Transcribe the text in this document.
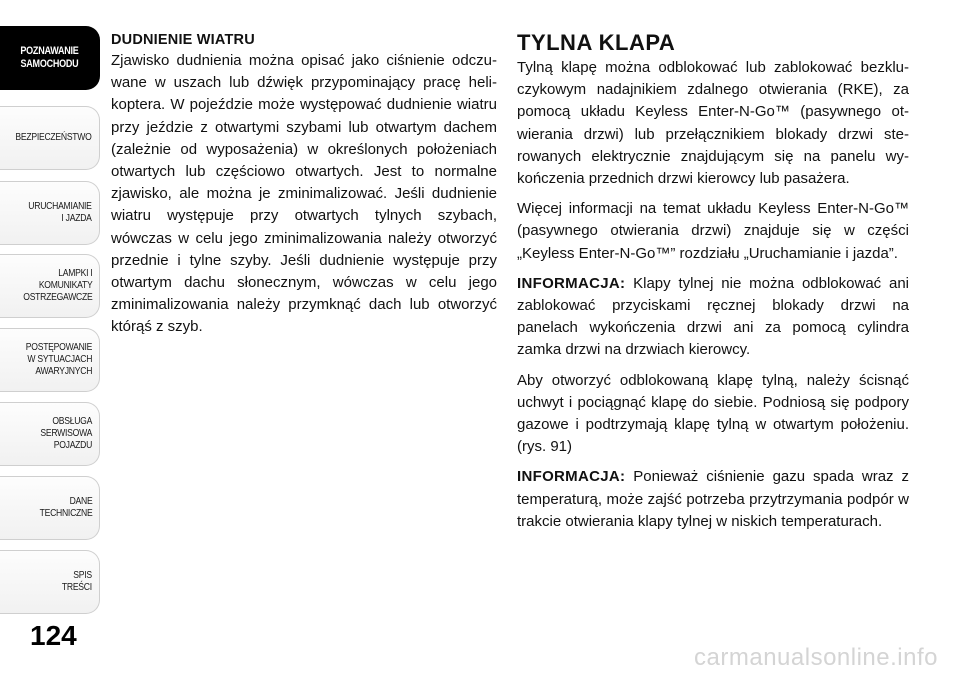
POZNAWANIE
SAMOCHODU
BEZPIECZEŃSTWO
URUCHAMIANIE
I JAZDA
LAMPKI I
KOMUNIKATY
OSTRZEGAWCZE
POSTĘPOWANIE
W SYTUACJACH
AWARYJNYCH
OBSŁUGA
SERWISOWA
POJAZDU
DANE
TECHNICZNE
SPIS
TREŚCI
124
DUDNIENIE WIATRU

Zjawisko dudnienia można opisać jako ciśnienie odczuwane w uszach lub dźwięk przypominający pracę helikoptera. W pojeździe może występować dudnienie wiatru przy jeździe z otwartymi szybami lub otwartym dachem (zależnie od wyposażenia) w określonych położeniach otwartych lub częściowo otwartych. Jest to normalne zjawisko, ale można je zminimalizować. Jeśli dudnienie wiatru występuje przy otwartych tylnych szybach, wówczas w celu jego zminimalizowania należy otworzyć przednie i tylne szyby. Jeśli dudnienie występuje przy otwartym dachu słonecznym, wówczas w celu jego zminimalizowania należy przymknąć dach lub otworzyć którąś z szyb.

TYLNA KLAPA

Tylną klapę można odblokować lub zablokować bezkluczykowym nadajnikiem zdalnego otwierania (RKE), za pomocą układu Keyless Enter-N-Go™ (pasywnego otwierania drzwi) lub przełącznikiem blokady drzwi sterowanych elektrycznie znajdującym się na panelu wykończenia przednich drzwi kierowcy lub pasażera.

Więcej informacji na temat układu Keyless Enter-N-Go™ (pasywnego otwierania drzwi) znajduje się w części „Keyless Enter-N-Go™” rozdziału „Uruchamianie i jazda”.

INFORMACJA: Klapy tylnej nie można odblokować ani zablokować przyciskami ręcznej blokady drzwi na panelach wykończenia drzwi ani za pomocą cylindra zamka drzwi na drzwiach kierowcy.

Aby otworzyć odblokowaną klapę tylną, należy ścisnąć uchwyt i pociągnąć klapę do siebie. Podniosą się podpory gazowe i podtrzymają klapę tylną w otwartym położeniu.(rys. 91)

INFORMACJA: Ponieważ ciśnienie gazu spada wraz z temperaturą, może zajść potrzeba przytrzymania podpór w trakcie otwierania klapy tylnej w niskich temperaturach.

carmanualsonline.info
